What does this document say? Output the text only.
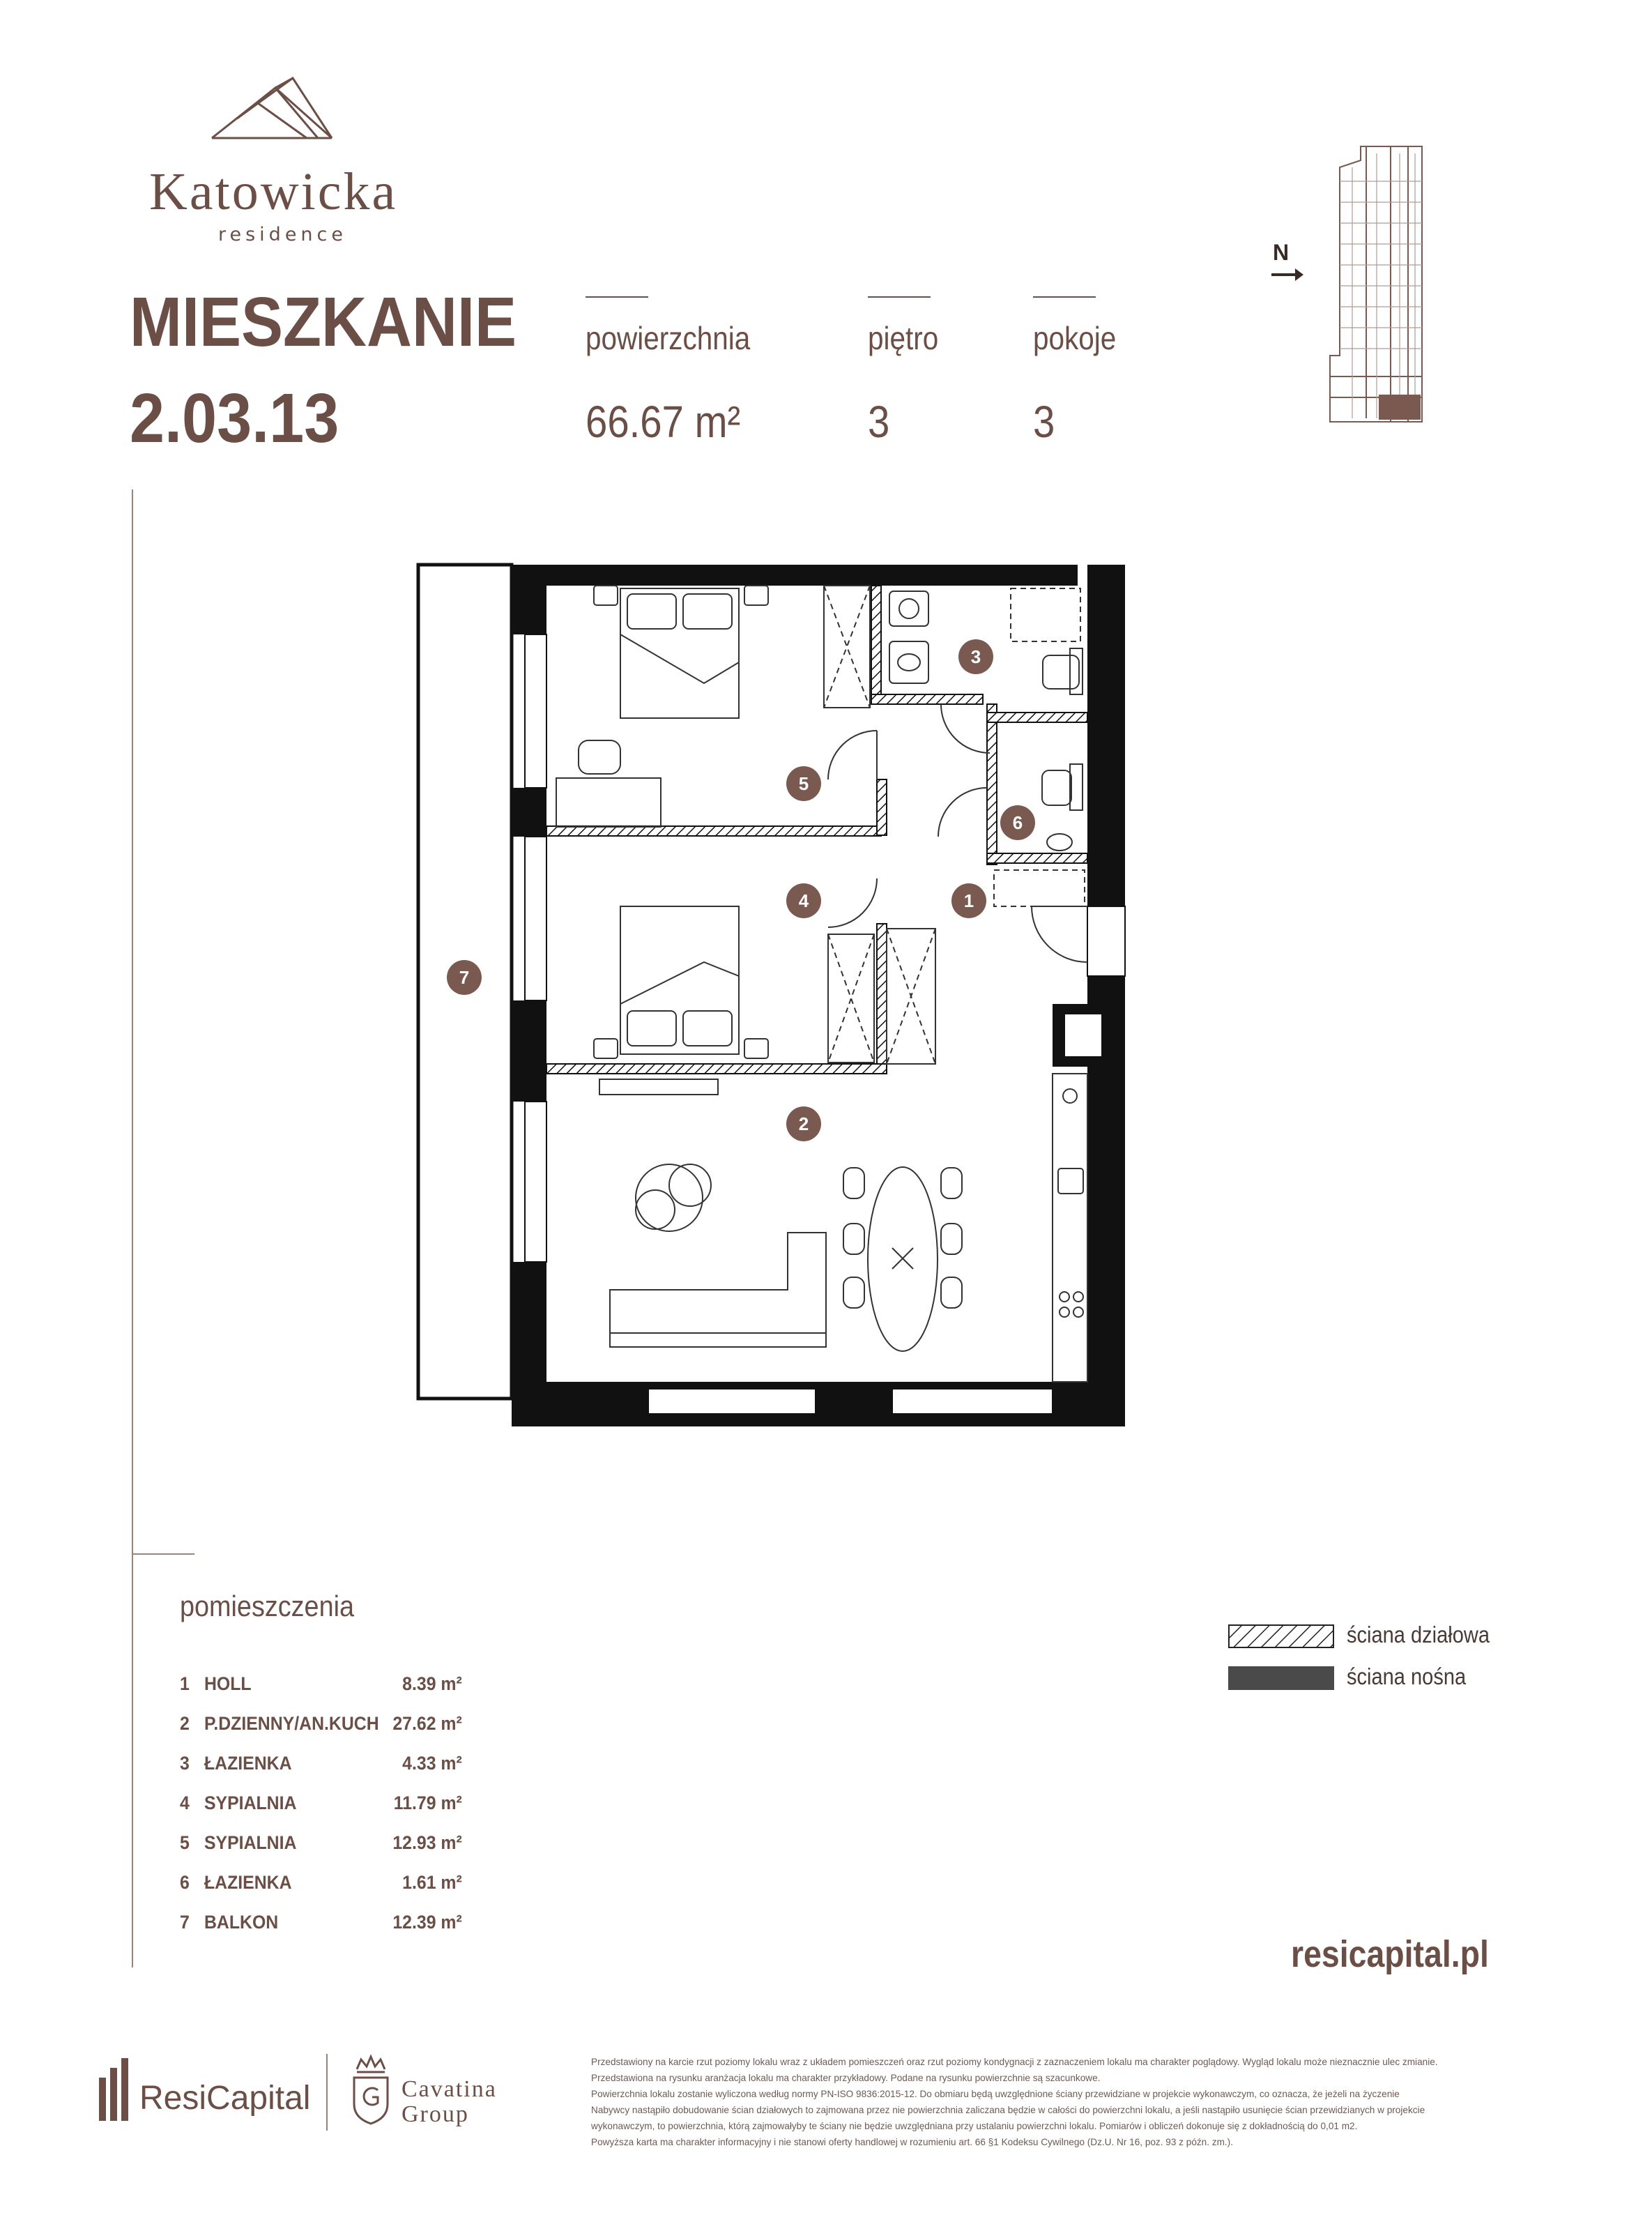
Katowicka
residence
MIESZKANIE
2.03.13
powierzchnia
66.67 m²
piętro
3
pokoje
3
N
1
2
3
4
5
6
7
pomieszczenia
1 HOLL	8.39 m²
2 P.DZIENNY/AN.KUCH 27.62 m²
3 ŁAZIENKA	4.33 m²
4 SYPIALNIA	11.79 m²
5 SYPIALNIA	12.93 m²
6 ŁAZIENKA	1.61 m²
7 BALKON	12.39 m²
ściana działowa
ściana nośna
resicapital.pl
ResiCapital	Cavatina
Group

Przedstawiony na karcie rzut poziomy lokalu wraz z układem pomieszczeń oraz rzut poziomy kondygnacji z zaznaczeniem lokalu ma charakter poglądowy. Wygląd lokalu może nieznacznie ulec zmianie.

Przedstawiona na rysunku aranżacja lokalu ma charakter przykładowy. Podane na rysunku powierzchnie są szacunkowe.

Powierzchnia lokalu zostanie wyliczona według normy PN-ISO 9836:2015-12. Do obmiaru będą uwzględnione ściany przewidziane w projekcie wykonawczym, co oznacza, że jeżeli na życzenie

Nabywcy nastąpiło dobudowanie ścian działowych to zajmowana przez nie powierzchnia zaliczana będzie w całości do powierzchni lokalu, a jeśli nastąpiło usunięcie ścian przewidzianych w projekcie

wykonawczym, to powierzchnia, którą zajmowałyby te ściany nie będzie uwzględniana przy ustalaniu powierzchni lokalu. Pomiarów i obliczeń dokonuje się z dokładnością do 0,01 m2.

Powyższa karta ma charakter informacyjny i nie stanowi oferty handlowej w rozumieniu art. 66 §1 Kodeksu Cywilnego (Dz.U. Nr 16, poz. 93 z późn. zm.).
